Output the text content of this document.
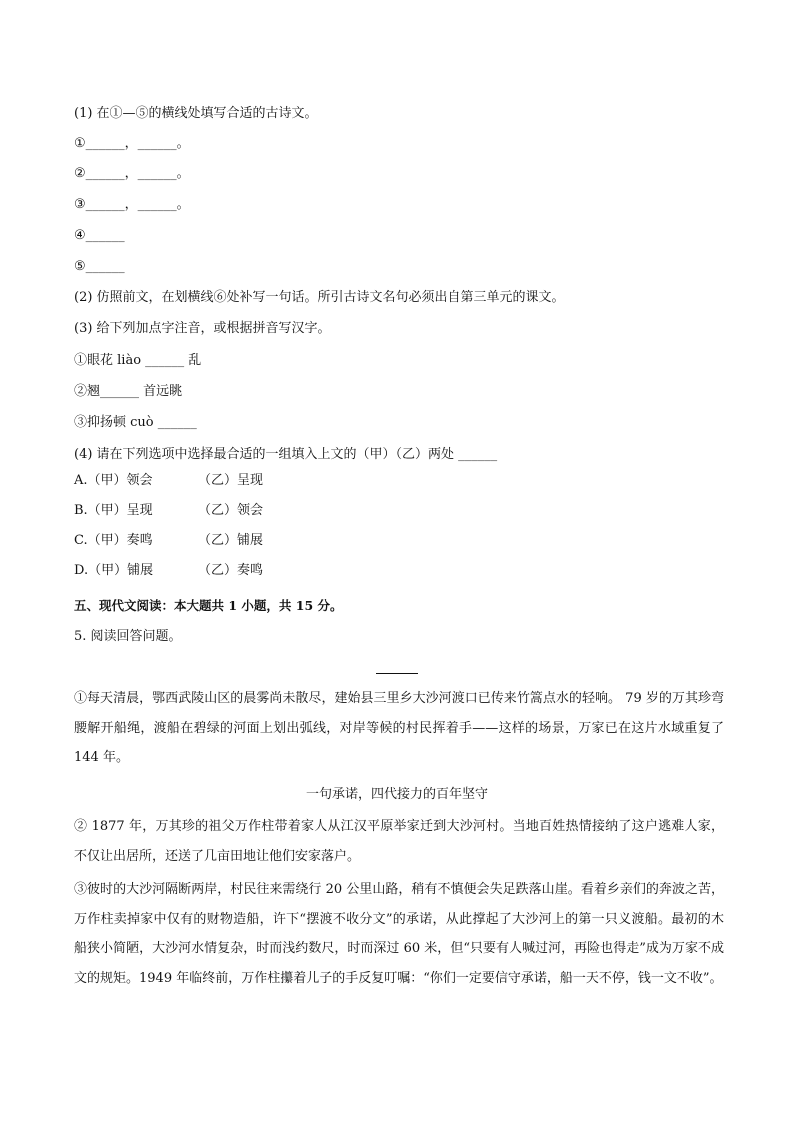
(1) 在①—⑤的横线处填写合适的古诗文。
①______，______。
②______，______。
③______，______。
④______
⑤______
(2) 仿照前文，在划横线⑥处补写一句话。所引古诗文名句必须出自第三单元的课文。
(3) 给下列加点字注音，或根据拼音写汉字。
①眼花 liào ______ 乱
②翘______ 首远眺
③抑扬顿 cuò ______
(4) 请在下列选项中选择最合适的一组填入上文的（甲）（乙）两处 ______
A.（甲）领会	（乙）呈现
B.（甲）呈现	（乙）领会
C.（甲）奏鸣	（乙）铺展
D.（甲）铺展	（乙）奏鸣
五、现代文阅读：本大题共 1 小题，共 15 分。
5. 阅读回答问题。
①每天清晨，鄂西武陵山区的晨雾尚未散尽，建始县三里乡大沙河渡口已传来竹篙点水的轻响。 79 岁的万其珍弯腰解开船绳，渡船在碧绿的河面上划出弧线，对岸等候的村民挥着手——这样的场景，万家已在这片水域重复了 144 年。
一句承诺，四代接力的百年坚守
② 1877 年，万其珍的祖父万作柱带着家人从江汉平原举家迁到大沙河村。当地百姓热情接纳了这户逃难人家，不仅让出居所，还送了几亩田地让他们安家落户。
③彼时的大沙河隔断两岸，村民往来需绕行 20 公里山路，稍有不慎便会失足跌落山崖。看着乡亲们的奔波之苦，万作柱卖掉家中仅有的财物造船，许下“摆渡不收分文”的承诺，从此撑起了大沙河上的第一只义渡船。最初的木船狭小简陋，大沙河水情复杂，时而浅约数尺，时而深过 60 米，但“只要有人喊过河，再险也得走”成为万家不成文的规矩。1949 年临终前，万作柱攥着儿子的手反复叮嘱：“你们一定要信守承诺，船一天不停，钱一文不收”。
